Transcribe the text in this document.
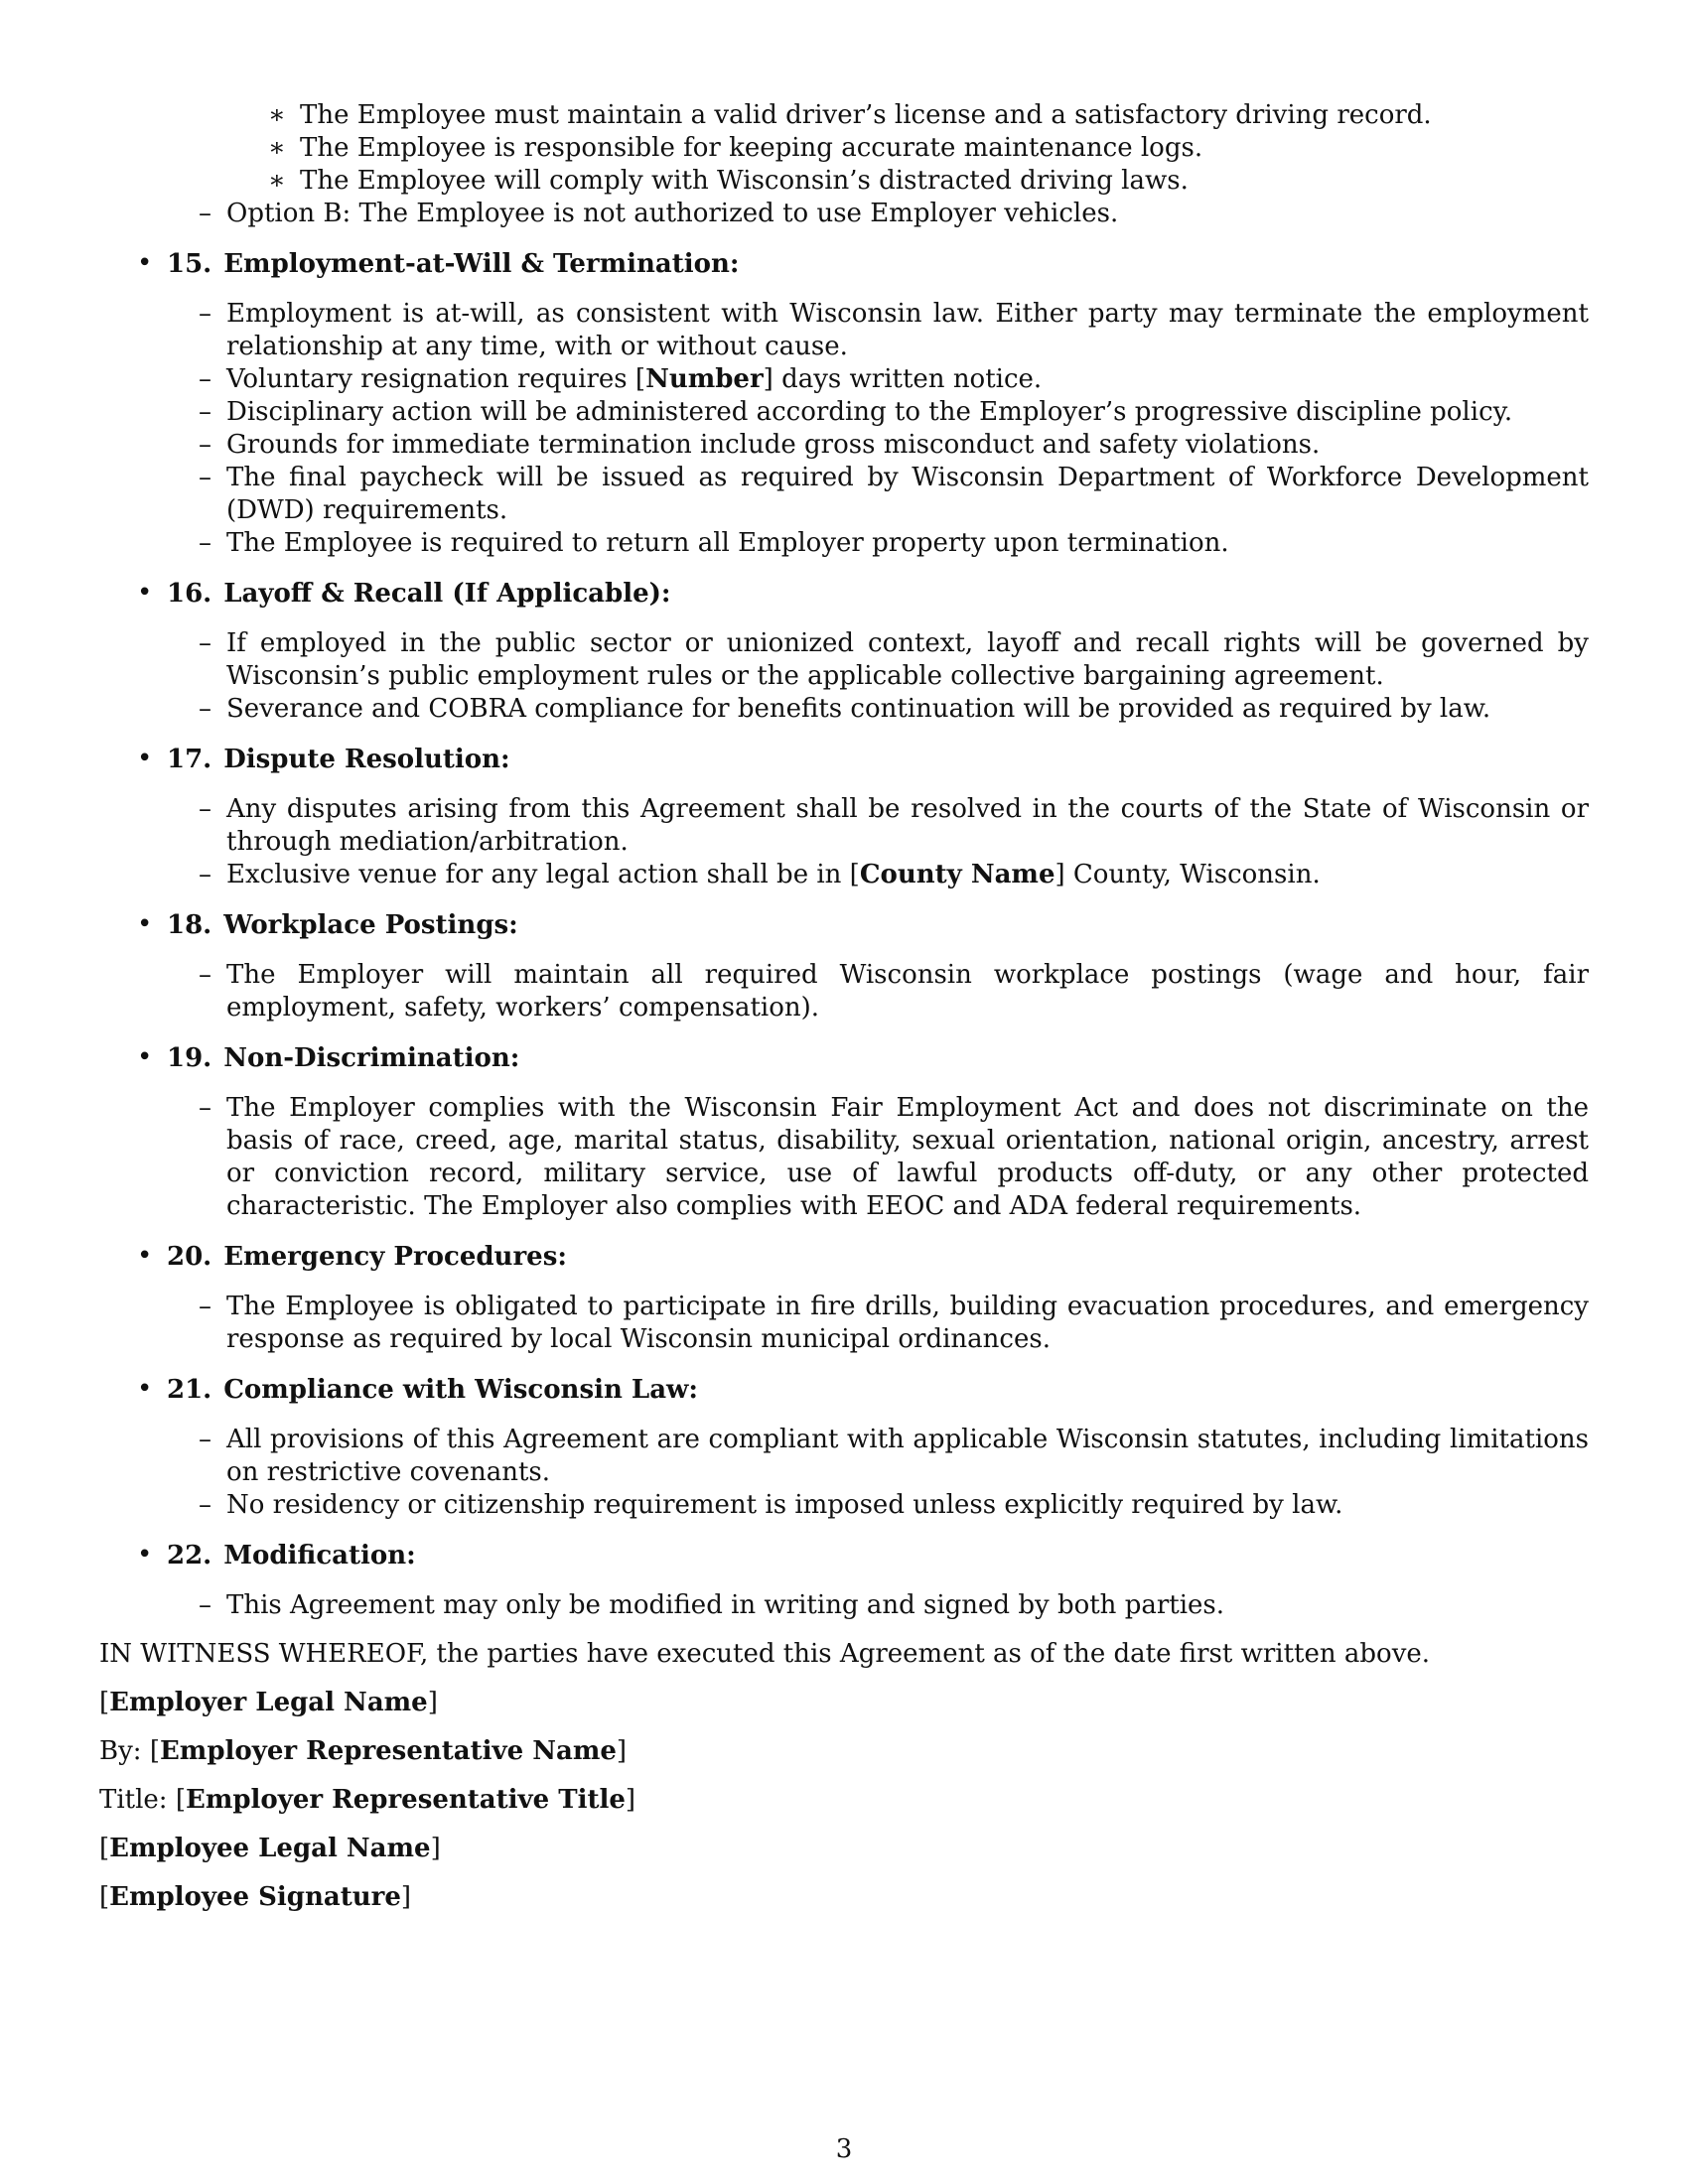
∗ The Employee must maintain a valid driver’s license and a satisfactory driving record.
∗ The Employee is responsible for keeping accurate maintenance logs.
∗ The Employee will comply with Wisconsin’s distracted driving laws.
– Option B: The Employee is not authorized to use Employer vehicles.
• 15. Employment-at-Will & Termination:
– Employment is at-will, as consistent with Wisconsin law. Either party may terminate the employment relationship at any time, with or without cause.
– Voluntary resignation requires [Number] days written notice.
– Disciplinary action will be administered according to the Employer’s progressive discipline policy.
– Grounds for immediate termination include gross misconduct and safety violations.
– The final paycheck will be issued as required by Wisconsin Department of Workforce Development (DWD) requirements.
– The Employee is required to return all Employer property upon termination.
• 16. Layoff & Recall (If Applicable):
– If employed in the public sector or unionized context, layoff and recall rights will be governed by Wisconsin’s public employment rules or the applicable collective bargaining agreement.
– Severance and COBRA compliance for benefits continuation will be provided as required by law.
• 17. Dispute Resolution:
– Any disputes arising from this Agreement shall be resolved in the courts of the State of Wisconsin or through mediation/arbitration.
– Exclusive venue for any legal action shall be in [County Name] County, Wisconsin.
• 18. Workplace Postings:
– The Employer will maintain all required Wisconsin workplace postings (wage and hour, fair employment, safety, workers’ compensation).
• 19. Non-Discrimination:
– The Employer complies with the Wisconsin Fair Employment Act and does not discriminate on the basis of race, creed, age, marital status, disability, sexual orientation, national origin, ancestry, arrest or conviction record, military service, use of lawful products off-duty, or any other protected characteristic. The Employer also complies with EEOC and ADA federal requirements.
• 20. Emergency Procedures:
– The Employee is obligated to participate in fire drills, building evacuation procedures, and emergency response as required by local Wisconsin municipal ordinances.
• 21. Compliance with Wisconsin Law:
– All provisions of this Agreement are compliant with applicable Wisconsin statutes, including limitations on restrictive covenants.
– No residency or citizenship requirement is imposed unless explicitly required by law.
• 22. Modification:
– This Agreement may only be modified in writing and signed by both parties.
IN WITNESS WHEREOF, the parties have executed this Agreement as of the date first written above.
[Employer Legal Name]
By: [Employer Representative Name]
Title: [Employer Representative Title]
[Employee Legal Name]
[Employee Signature]
3
